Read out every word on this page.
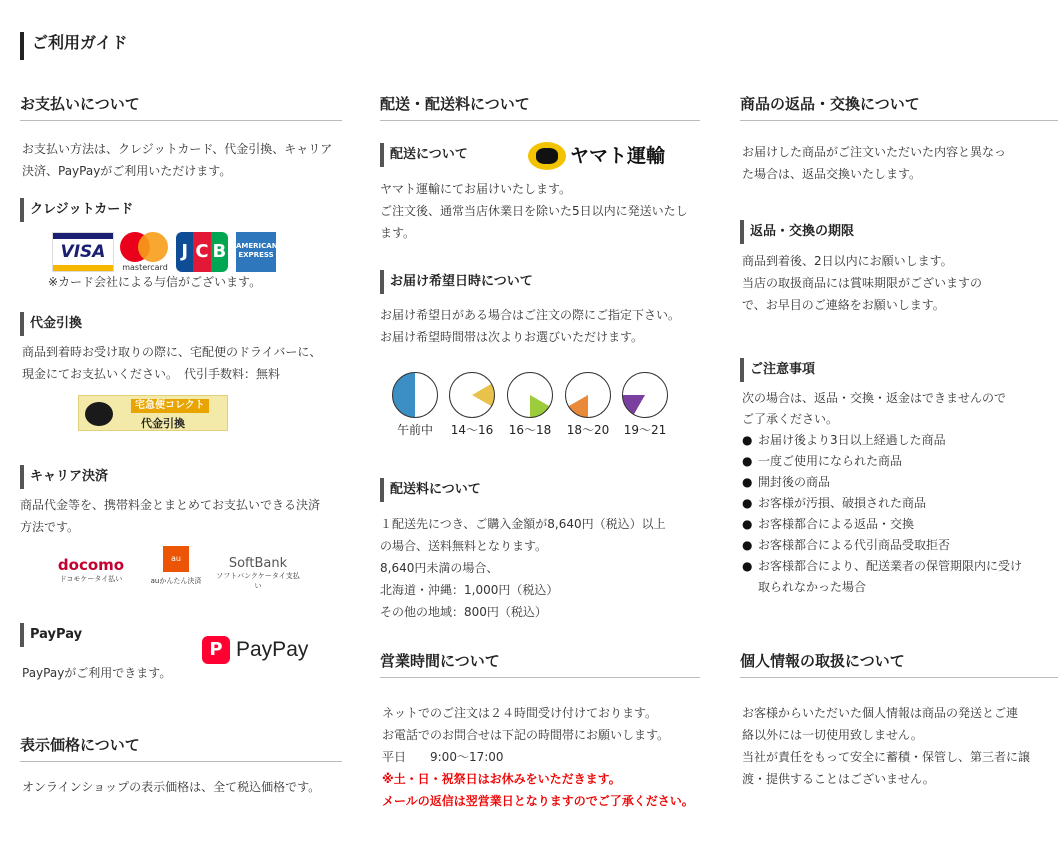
ご利用ガイド
お支払いについて
お支払い方法は、クレジットカード、代金引換、キャリア
決済、PayPayがご利用いただけます。
クレジットカード
VISA
mastercard
J C B AMERICAN EXPRESS
※カード会社による与信がございます。
代金引換
商品到着時お受け取りの際に、宅配便のドライバーに、
現金にてお支払いください。　代引手数料：無料
宅急便コレクト
代金引換
キャリア決済
商品代金等を、携帯料金とまとめてお支払いできる決済
方法です。
docomo
ドコモケータイ払い
au
auかんたん決済
SoftBank
ソフトバンクケータイ支払い
PayPay
PayPayがご利用できます。
P PayPay
表示価格について
オンラインショップの表示価格は、全て税込価格です。
配送・配送料について
配送について	ヤマト運輸
ヤマト運輸にてお届けいたします。
ご注文後、通常当店休業日を除いた5日以内に発送いたし
ます。
お届け希望日時について
お届け希望日がある場合はご注文の際にご指定下さい。
お届け希望時間帯は次よりお選びいただけます。
午前中	14〜16	16〜18	18〜20	19〜21
配送料について
１配送先につき、ご購入金額が8,640円（税込）以上
の場合、送料無料となります。
8,640円未満の場合、
北海道・沖縄：1,000円（税込）
その他の地域：800円（税込）
営業時間について
ネットでのご注文は２４時間受け付けております。
お電話でのお問合せは下記の時間帯にお願いします。
平日　　9:00〜17:00
※土・日・祝祭日はお休みをいただきます。
メールの返信は翌営業日となりますのでご了承ください。
商品の返品・交換について
お届けした商品がご注文いただいた内容と異なっ
た場合は、返品交換いたします。
返品・交換の期限
商品到着後、2日以内にお願いします。
当店の取扱商品には賞味期限がございますの
で、お早目のご連絡をお願いします。
ご注意事項
次の場合は、返品・交換・返金はできませんので
ご了承ください。
● お届け後より3日以上経過した商品
● 一度ご使用になられた商品
● 開封後の商品
● お客様が汚損、破損された商品
● お客様都合による返品・交換
● お客様都合による代引商品受取拒否
● お客様都合により、配送業者の保管期限内に受け取られなかった場合
個人情報の取扱について
お客様からいただいた個人情報は商品の発送とご連
絡以外には一切使用致しません。
当社が責任をもって安全に蓄積・保管し、第三者に譲
渡・提供することはございません。
